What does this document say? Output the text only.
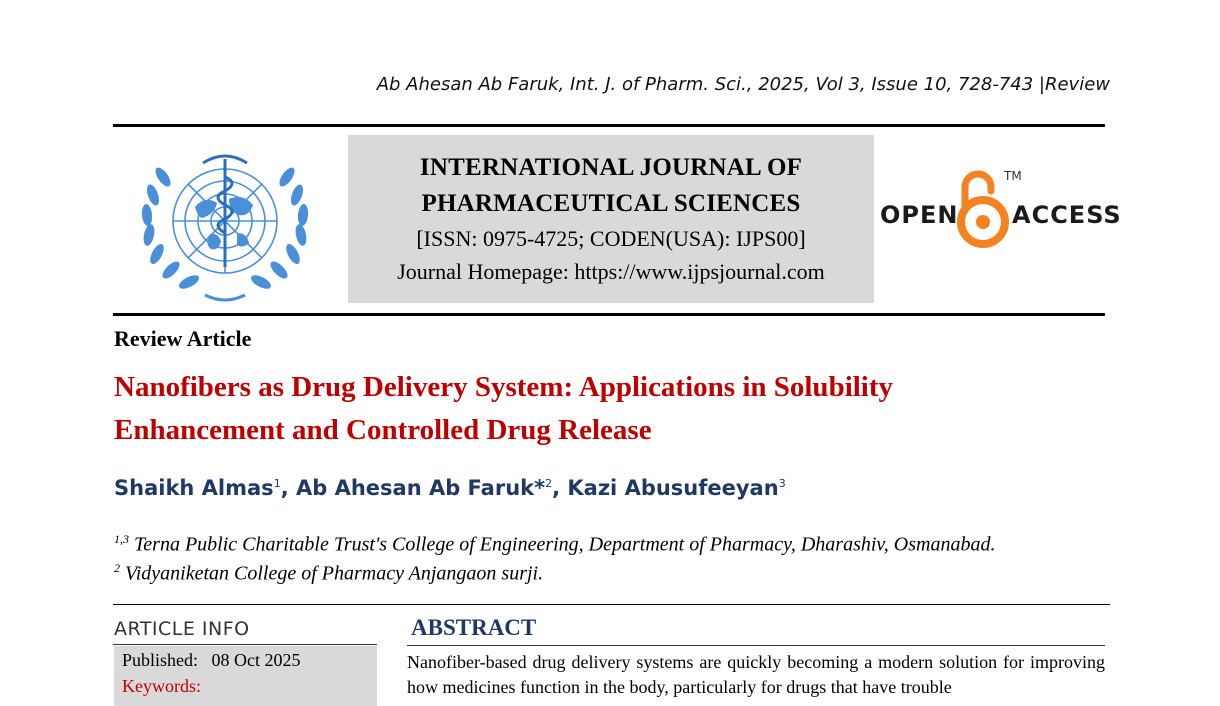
Ab Ahesan Ab Faruk, Int. J. of Pharm. Sci., 2025, Vol 3, Issue 10, 728-743 |Review
INTERNATIONAL JOURNAL OF
PHARMACEUTICAL SCIENCES
[ISSN: 0975-4725; CODEN(USA): IJPS00]
Journal Homepage: https://www.ijpsjournal.com
OPEN
TM
ACCESS
Review Article
Nanofibers as Drug Delivery System: Applications in Solubility
Enhancement and Controlled Drug Release
Shaikh Almas$^1$, Ab Ahesan Ab Faruk*$^2$, Kazi Abusufeeyan$^3$
$^{1,3}$ Terna Public Charitable Trust's College of Engineering, Department of Pharmacy, Dharashiv, Osmanabad.
$^2$ Vidyaniketan College of Pharmacy Anjangaon surji.
ARTICLE INFO
Published: 08 Oct 2025
Keywords:
ABSTRACT
Nanofiber-based drug delivery systems are quickly becoming a modern solution for improving how medicines function in the body, particularly for drugs that have trouble
